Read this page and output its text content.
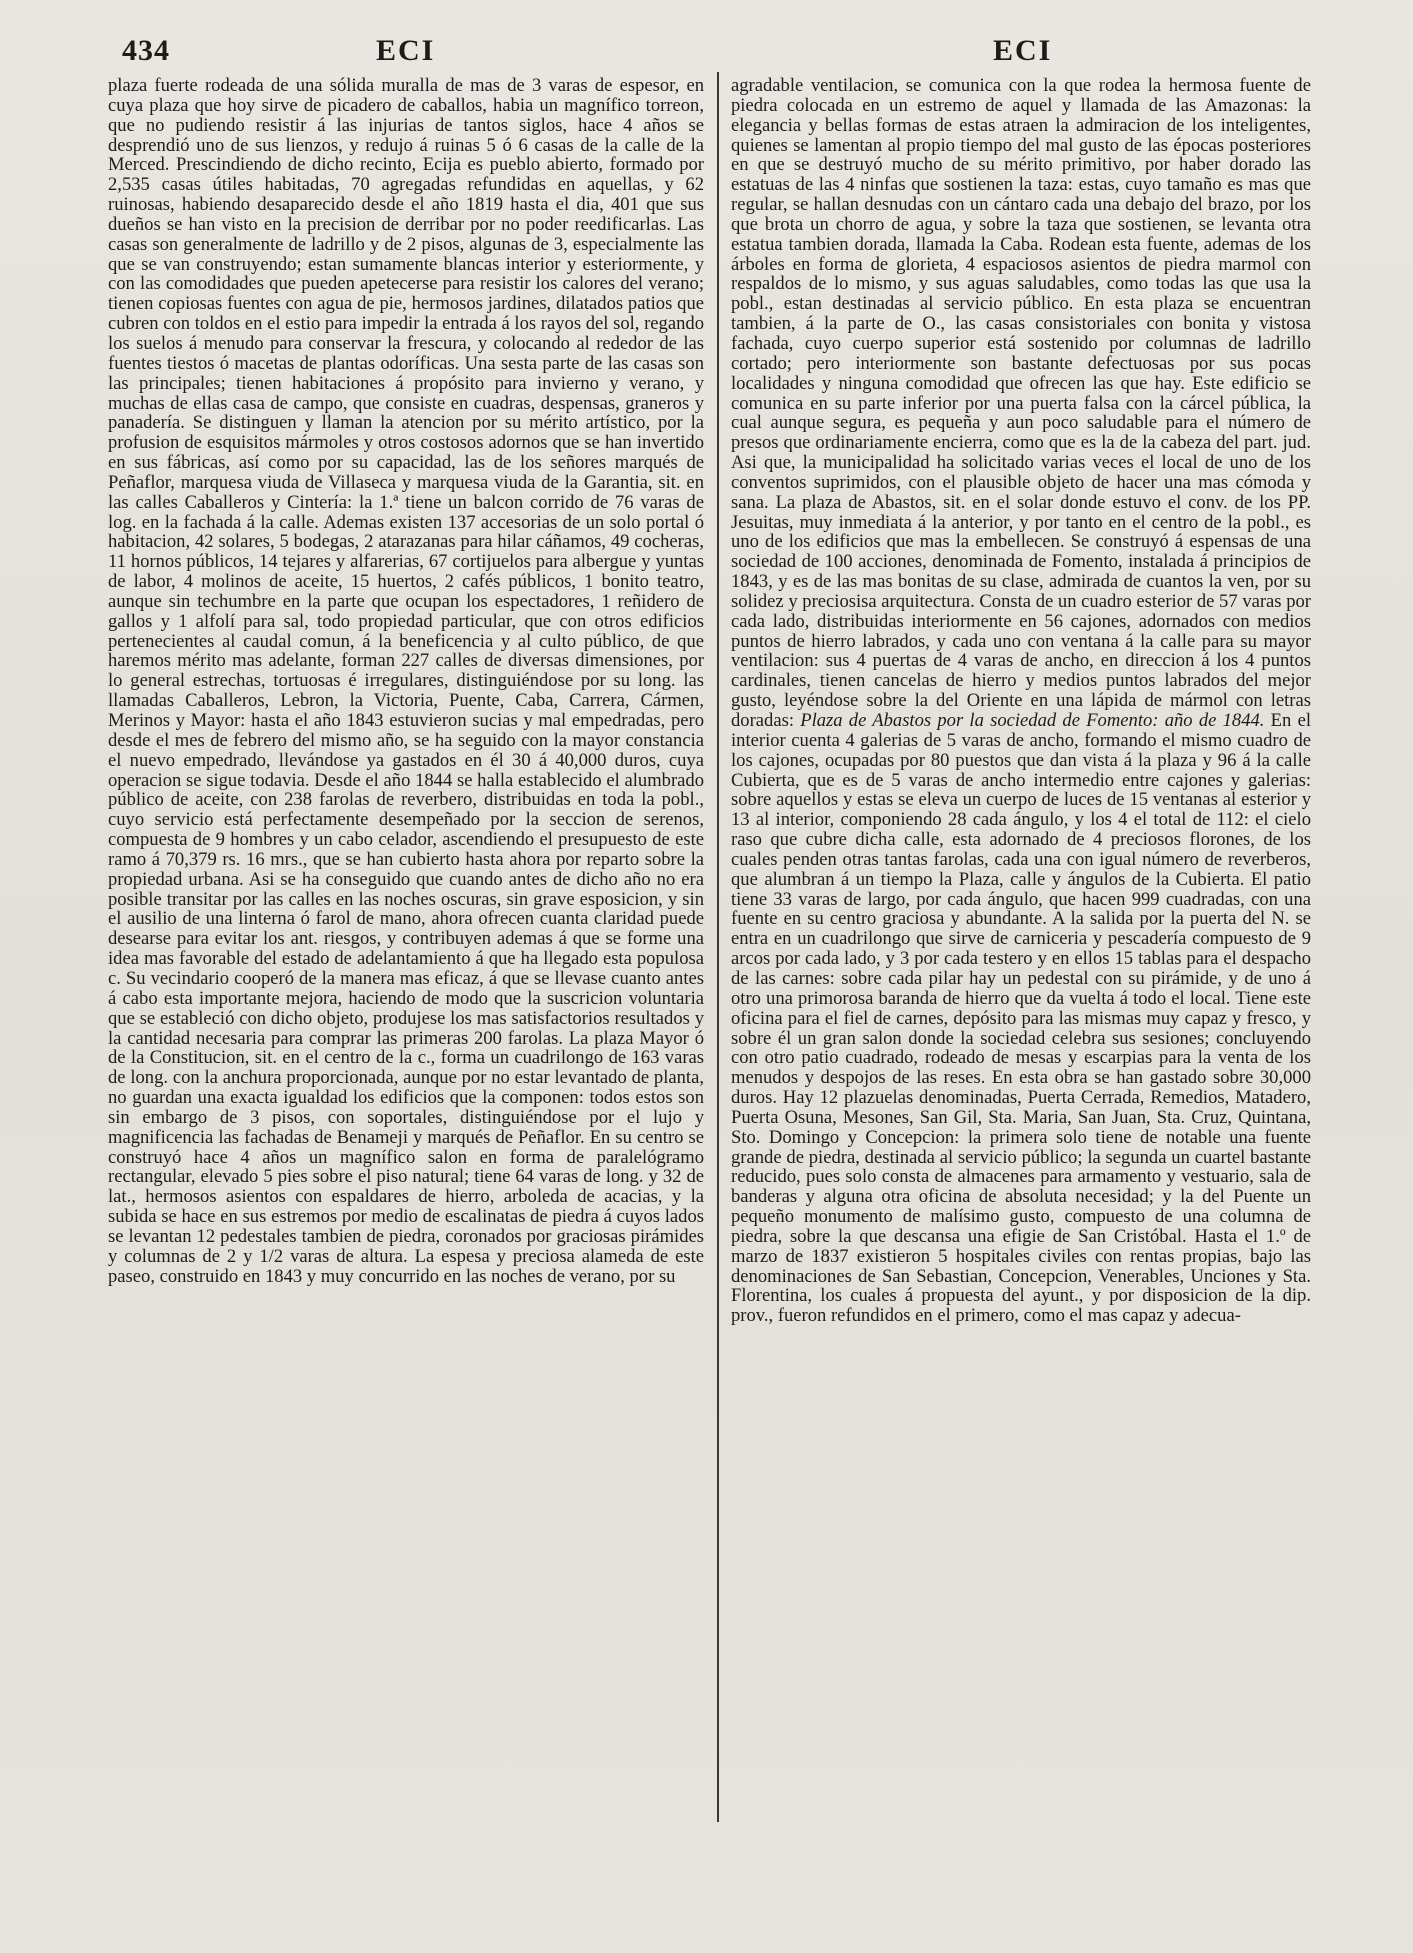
434	ECI	ECI

plaza fuerte rodeada de una sólida muralla de mas de 3 varas de espesor, en cuya plaza que hoy sirve de picadero de caballos, habia un magnífico torreon, que no pudiendo resistir á las injurias de tantos siglos, hace 4 años se desprendió uno de sus lienzos, y redujo á ruinas 5 ó 6 casas de la calle de la Merced. Prescindiendo de dicho recinto, Ecija es pueblo abierto, formado por 2,535 casas útiles habitadas, 70 agregadas refundidas en aquellas, y 62 ruinosas, habiendo desaparecido desde el año 1819 hasta el dia, 401 que sus dueños se han visto en la precision de derribar por no poder reedificarlas. Las casas son generalmente de ladrillo y de 2 pisos, algunas de 3, especialmente las que se van construyendo; estan sumamente blancas interior y esteriormente, y con las comodidades que pueden apetecerse para resistir los calores del verano; tienen copiosas fuentes con agua de pie, hermosos jardines, dilatados patios que cubren con toldos en el estio para impedir la entrada á los rayos del sol, regando los suelos á menudo para conservar la frescura, y colocando al rededor de las fuentes tiestos ó macetas de plantas odoríficas. Una sesta parte de las casas son las principales; tienen habitaciones á propósito para invierno y verano, y muchas de ellas casa de campo, que consiste en cuadras, despensas, graneros y panadería. Se distinguen y llaman la atencion por su mérito artístico, por la profusion de esquisitos mármoles y otros costosos adornos que se han invertido en sus fábricas, así como por su capacidad, las de los señores marqués de Peñaflor, marquesa viuda de Villaseca y marquesa viuda de la Garantia, sit. en las calles Caballeros y Cintería: la 1.ª tiene un balcon corrido de 76 varas de log. en la fachada á la calle. Ademas existen 137 accesorias de un solo portal ó habitacion, 42 solares, 5 bodegas, 2 atarazanas para hilar cáñamos, 49 cocheras, 11 hornos públicos, 14 tejares y alfarerias, 67 cortijuelos para albergue y yuntas de labor, 4 molinos de aceite, 15 huertos, 2 cafés públicos, 1 bonito teatro, aunque sin techumbre en la parte que ocupan los espectadores, 1 reñidero de gallos y 1 alfolí para sal, todo propiedad particular, que con otros edificios pertenecientes al caudal comun, á la beneficencia y al culto público, de que haremos mérito mas adelante, forman 227 calles de diversas dimensiones, por lo general estrechas, tortuosas é irregulares, distinguiéndose por su long. las llamadas Caballeros, Lebron, la Victoria, Puente, Caba, Carrera, Cármen, Merinos y Mayor: hasta el año 1843 estuvieron sucias y mal empedradas, pero desde el mes de febrero del mismo año, se ha seguido con la mayor constancia el nuevo empedrado, llevándose ya gastados en él 30 á 40,000 duros, cuya operacion se sigue todavia. Desde el año 1844 se halla establecido el alumbrado público de aceite, con 238 farolas de reverbero, distribuidas en toda la pobl., cuyo servicio está perfectamente desempeñado por la seccion de serenos, compuesta de 9 hombres y un cabo celador, ascendiendo el presupuesto de este ramo á 70,379 rs. 16 mrs., que se han cubierto hasta ahora por reparto sobre la propiedad urbana. Asi se ha conseguido que cuando antes de dicho año no era posible transitar por las calles en las noches oscuras, sin grave esposicion, y sin el ausilio de una linterna ó farol de mano, ahora ofrecen cuanta claridad puede desearse para evitar los ant. riesgos, y contribuyen ademas á que se forme una idea mas favorable del estado de adelantamiento á que ha llegado esta populosa c. Su vecindario cooperó de la manera mas eficaz, á que se llevase cuanto antes á cabo esta importante mejora, haciendo de modo que la suscricion voluntaria que se estableció con dicho objeto, produjese los mas satisfactorios resultados y la cantidad necesaria para comprar las primeras 200 farolas. La plaza Mayor ó de la Constitucion, sit. en el centro de la c., forma un cuadrilongo de 163 varas de long. con la anchura proporcionada, aunque por no estar levantado de planta, no guardan una exacta igualdad los edificios que la componen: todos estos son sin embargo de 3 pisos, con soportales, distinguiéndose por el lujo y magnificencia las fachadas de Benameji y marqués de Peñaflor. En su centro se construyó hace 4 años un magnífico salon en forma de paralelógramo rectangular, elevado 5 pies sobre el piso natural; tiene 64 varas de long. y 32 de lat., hermosos asientos con espaldares de hierro, arboleda de acacias, y la subida se hace en sus estremos por medio de escalinatas de piedra á cuyos lados se levantan 12 pedestales tambien de piedra, coronados por graciosas pirámides y columnas de 2 y 1/2 varas de altura. La espesa y preciosa alameda de este paseo, construido en 1843 y muy concurrido en las noches de verano, por su

agradable ventilacion, se comunica con la que rodea la hermosa fuente de piedra colocada en un estremo de aquel y llamada de las Amazonas: la elegancia y bellas formas de estas atraen la admiracion de los inteligentes, quienes se lamentan al propio tiempo del mal gusto de las épocas posteriores en que se destruyó mucho de su mérito primitivo, por haber dorado las estatuas de las 4 ninfas que sostienen la taza: estas, cuyo tamaño es mas que regular, se hallan desnudas con un cántaro cada una debajo del brazo, por los que brota un chorro de agua, y sobre la taza que sostienen, se levanta otra estatua tambien dorada, llamada la Caba. Rodean esta fuente, ademas de los árboles en forma de glorieta, 4 espaciosos asientos de piedra marmol con respaldos de lo mismo, y sus aguas saludables, como todas las que usa la pobl., estan destinadas al servicio público. En esta plaza se encuentran tambien, á la parte de O., las casas consistoriales con bonita y vistosa fachada, cuyo cuerpo superior está sostenido por columnas de ladrillo cortado; pero interiormente son bastante defectuosas por sus pocas localidades y ninguna comodidad que ofrecen las que hay. Este edificio se comunica en su parte inferior por una puerta falsa con la cárcel pública, la cual aunque segura, es pequeña y aun poco saludable para el número de presos que ordinariamente encierra, como que es la de la cabeza del part. jud. Asi que, la municipalidad ha solicitado varias veces el local de uno de los conventos suprimidos, con el plausible objeto de hacer una mas cómoda y sana. La plaza de Abastos, sit. en el solar donde estuvo el conv. de los PP. Jesuitas, muy inmediata á la anterior, y por tanto en el centro de la pobl., es uno de los edificios que mas la embellecen. Se construyó á espensas de una sociedad de 100 acciones, denominada de Fomento, instalada á principios de 1843, y es de las mas bonitas de su clase, admirada de cuantos la ven, por su solidez y preciosisa arquitectura. Consta de un cuadro esterior de 57 varas por cada lado, distribuidas interiormente en 56 cajones, adornados con medios puntos de hierro labrados, y cada uno con ventana á la calle para su mayor ventilacion: sus 4 puertas de 4 varas de ancho, en direccion á los 4 puntos cardinales, tienen cancelas de hierro y medios puntos labrados del mejor gusto, leyéndose sobre la del Oriente en una lápida de mármol con letras doradas: Plaza de Abastos por la sociedad de Fomento: año de 1844. En el interior cuenta 4 galerias de 5 varas de ancho, formando el mismo cuadro de los cajones, ocupadas por 80 puestos que dan vista á la plaza y 96 á la calle Cubierta, que es de 5 varas de ancho intermedio entre cajones y galerias: sobre aquellos y estas se eleva un cuerpo de luces de 15 ventanas al esterior y 13 al interior, componiendo 28 cada ángulo, y los 4 el total de 112: el cielo raso que cubre dicha calle, esta adornado de 4 preciosos florones, de los cuales penden otras tantas farolas, cada una con igual número de reverberos, que alumbran á un tiempo la Plaza, calle y ángulos de la Cubierta. El patio tiene 33 varas de largo, por cada ángulo, que hacen 999 cuadradas, con una fuente en su centro graciosa y abundante. A la salida por la puerta del N. se entra en un cuadrilongo que sirve de carniceria y pescadería compuesto de 9 arcos por cada lado, y 3 por cada testero y en ellos 15 tablas para el despacho de las carnes: sobre cada pilar hay un pedestal con su pirámide, y de uno á otro una primorosa baranda de hierro que da vuelta á todo el local. Tiene este oficina para el fiel de carnes, depósito para las mismas muy capaz y fresco, y sobre él un gran salon donde la sociedad celebra sus sesiones; concluyendo con otro patio cuadrado, rodeado de mesas y escarpias para la venta de los menudos y despojos de las reses. En esta obra se han gastado sobre 30,000 duros. Hay 12 plazuelas denominadas, Puerta Cerrada, Remedios, Matadero, Puerta Osuna, Mesones, San Gil, Sta. Maria, San Juan, Sta. Cruz, Quintana, Sto. Domingo y Concepcion: la primera solo tiene de notable una fuente grande de piedra, destinada al servicio público; la segunda un cuartel bastante reducido, pues solo consta de almacenes para armamento y vestuario, sala de banderas y alguna otra oficina de absoluta necesidad; y la del Puente un pequeño monumento de malísimo gusto, compuesto de una columna de piedra, sobre la que descansa una efigie de San Cristóbal. Hasta el 1.º de marzo de 1837 existieron 5 hospitales civiles con rentas propias, bajo las denominaciones de San Sebastian, Concepcion, Venerables, Unciones y Sta. Florentina, los cuales á propuesta del ayunt., y por disposicion de la dip. prov., fueron refundidos en el primero, como el mas capaz y adecua-
